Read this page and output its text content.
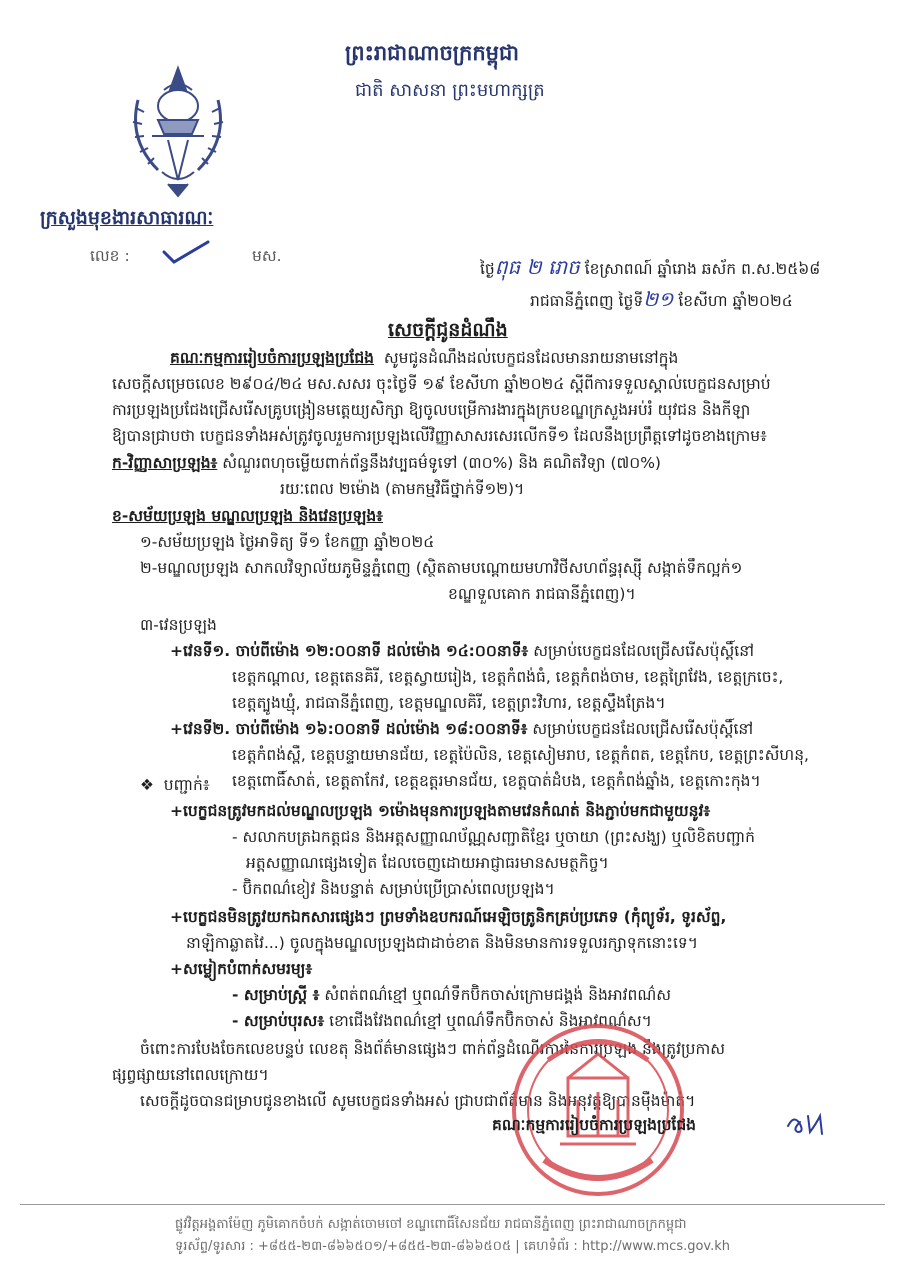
ព្រះរាជាណាចក្រកម្ពុជា
ជាតិ សាសនា ព្រះមហាក្សត្រ
ក្រសួងមុខងារសាធារណៈ
លេខ :	មស.
ថ្ងៃពុធ ២ រោច ខែស្រាពណ៍ ឆ្នាំរោង ឆស័ក ព.ស.២៥៦៨
រាជធានីភ្នំពេញ ថ្ងៃទី២១ ខែសីហា ឆ្នាំ២០២៤
សេចក្តីជូនដំណឹង
គណៈកម្មការរៀបចំការប្រឡងប្រជែង សូមជូនដំណឹងដល់បេក្ខជនដែលមានរាយនាមនៅក្នុង
សេចក្តីសម្រេចលេខ ២៩០៤/២៤ មស.សសរ ចុះថ្ងៃទី ១៩ ខែសីហា ឆ្នាំ២០២៤ ស្តីពីការទទួលស្គាល់បេក្ខជនសម្រាប់
ការប្រឡងប្រជែងជ្រើសរើសគ្រូបង្រៀនមត្តេយ្យសិក្សា ឱ្យចូលបម្រើការងារក្នុងក្របខណ្ឌក្រសួងអប់រំ យុវជន និងកីឡា
ឱ្យបានជ្រាបថា បេក្ខជនទាំងអស់ត្រូវចូលរួមការប្រឡងលើវិញ្ញាសាសរសេរលើកទី១ ដែលនឹងប្រព្រឹត្តទៅដូចខាងក្រោម៖
ក-វិញ្ញាសាប្រឡង៖ សំណួរពហុចម្លើយពាក់ព័ន្ធនឹងវប្បធម៌ទូទៅ (៣០%) និង គណិតវិទ្យា (៧០%)
រយៈពេល ២ម៉ោង (តាមកម្មវិធីថ្នាក់ទី១២)។
ខ-សម័យប្រឡង មណ្ឌលប្រឡង និងវេនប្រឡង៖
១-សម័យប្រឡង ថ្ងៃអាទិត្យ ទី១ ខែកញ្ញា ឆ្នាំ២០២៤
២-មណ្ឌលប្រឡង សាកលវិទ្យាល័យភូមិន្ទភ្នំពេញ (ស្ថិតតាមបណ្តោយមហាវិថីសហព័ន្ធរុស្ស៊ី សង្កាត់ទឹកល្អក់១
ខណ្ឌទួលគោក រាជធានីភ្នំពេញ)។
៣-វេនប្រឡង
+វេនទី១. ចាប់ពីម៉ោង ១២:០០នាទី ដល់ម៉ោង ១៤:០០នាទី៖ សម្រាប់បេក្ខជនដែលជ្រើសរើសប៉ុស្តិ៍នៅ
ខេត្តកណ្តាល, ខេត្តតេនគិរី, ខេត្តស្វាយរៀង, ខេត្តកំពង់ធំ, ខេត្តកំពង់ចាម, ខេត្តព្រៃវែង, ខេត្តក្រចេះ,
ខេត្តត្បូងឃ្មុំ, រាជធានីភ្នំពេញ, ខេត្តមណ្ឌលគិរី, ខេត្តព្រះវិហារ, ខេត្តស្ទឹងត្រែង។
+វេនទី២. ចាប់ពីម៉ោង ១៦:០០នាទី ដល់ម៉ោង ១៨:០០នាទី៖ សម្រាប់បេក្ខជនដែលជ្រើសរើសប៉ុស្តិ៍នៅ
ខេត្តកំពង់ស្ពឺ, ខេត្តបន្ទាយមានជ័យ, ខេត្តប៉ៃលិន, ខេត្តសៀមរាប, ខេត្តកំពត, ខេត្តកែប, ខេត្តព្រះសីហនុ,
ខេត្តពោធិ៍សាត់, ខេត្តតាកែវ, ខេត្តឧត្តរមានជ័យ, ខេត្តបាត់ដំបង, ខេត្តកំពង់ឆ្នាំង, ខេត្តកោះកុង។
❖ បញ្ជាក់៖
+បេក្ខជនត្រូវមកដល់មណ្ឌលប្រឡង ១ម៉ោងមុនការប្រឡងតាមវេនកំណត់ និងភ្ជាប់មកជាមួយនូវ៖
- សលាកបត្រឯកត្តជន និងអត្តសញ្ញាណប័ណ្ណសញ្ជាតិខ្មែរ ឬចាយា (ព្រះសង្ឃ) ឬលិខិតបញ្ជាក់
អត្តសញ្ញាណផ្សេងទៀត ដែលចេញដោយអាជ្ញាធរមានសមត្ថកិច្ច។
- ប៊ិកពណ៌ខៀវ និងបន្ទាត់ សម្រាប់ប្រើប្រាស់ពេលប្រឡង។
+បេក្ខជនមិនត្រូវយកឯកសារផ្សេងៗ ព្រមទាំងឧបករណ៍អេឡិចត្រូនិកគ្រប់ប្រភេទ (កុំព្យូទ័រ, ទូរស័ព្ទ,
នាឡិកាឆ្លាតវៃ...) ចូលក្នុងមណ្ឌលប្រឡងជាដាច់ខាត និងមិនមានការទទួលរក្សាទុកនោះទេ។
+សម្លៀកបំពាក់សមរម្យ៖
- សម្រាប់ស្ត្រី ៖ សំពត់ពណ៌ខ្មៅ ឬពណ៌ទឹកប៊ិកចាស់ក្រោមជង្គង់ និងអាវពណ៌ស
- សម្រាប់បុរស៖ ខោជើងវែងពណ៌ខ្មៅ ឬពណ៌ទឹកប៊ិកចាស់ និងអាវពណ៌ស។
ចំពោះការបែងចែកលេខបន្ទប់ លេខតុ និងព័ត៌មានផ្សេងៗ ពាក់ព័ន្ធដំណើរការនៃការប្រឡង នឹងត្រូវប្រកាស
ផ្សព្វផ្សាយនៅពេលក្រោយ។
សេចក្តីដូចបានជម្រាបជូនខាងលើ សូមបេក្ខជនទាំងអស់ ជ្រាបជាព័ត៌មាន និងអនុវត្តឱ្យបានម៉ឺងម៉ាត់។
គណៈកម្មការរៀបចំការប្រឡងប្រជែង
ផ្លូវវិត្តអង្គតាម៉ែញ ភូមិគោកចំបក់ សង្កាត់ចោមចៅ ខណ្ឌពោធិ៍សែនជ័យ រាជធានីភ្នំពេញ ព្រះរាជាណាចក្រកម្ពុជា
ទូរស័ព្ទ/ទូរសារ : +៨៥៥-២៣-៨៦៦៥០១/+៨៥៥-២៣-៨៦៦៥០៥ | គេហទំព័រ : http://www.mcs.gov.kh
